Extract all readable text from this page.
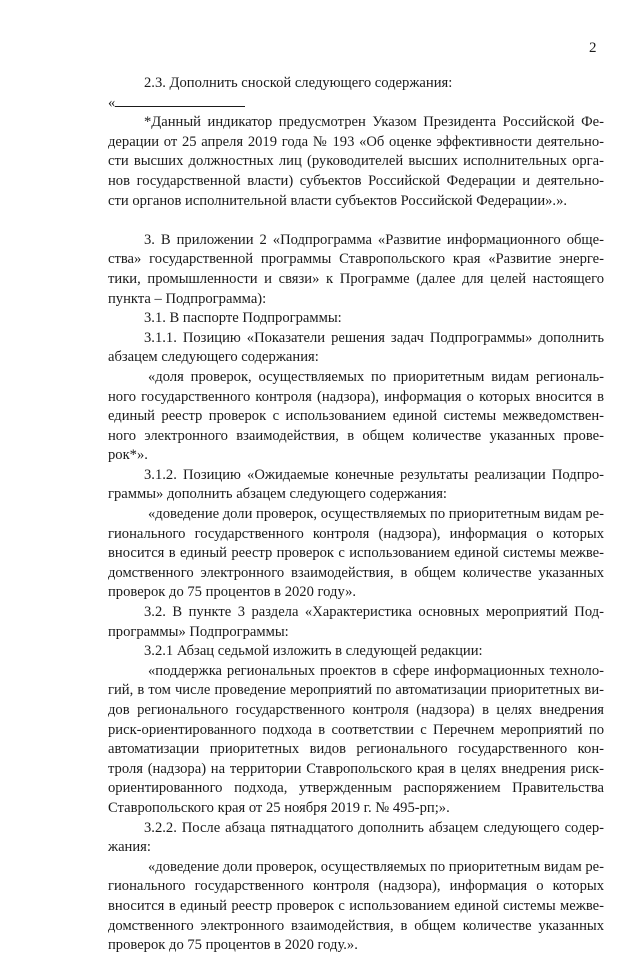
2
2.3. Дополнить сноской следующего содержания:
«
*Данный индикатор предусмотрен Указом Президента Российской Фе-
дерации от 25 апреля 2019 года № 193 «Об оценке эффективности деятельно-
сти высших должностных лиц (руководителей высших исполнительных орга-
нов государственной власти) субъектов Российской Федерации и деятельно-
сти органов исполнительной власти субъектов Российской Федерации».».
3. В приложении 2 «Подпрограмма «Развитие информационного обще-
ства» государственной программы Ставропольского края «Развитие энерге-
тики, промышленности и связи» к Программе (далее для целей настоящего
пункта – Подпрограмма):
3.1. В паспорте Подпрограммы:
3.1.1. Позицию «Показатели решения задач Подпрограммы» дополнить
абзацем следующего содержания:
«доля проверок, осуществляемых по приоритетным видам региональ-
ного государственного контроля (надзора), информация о которых вносится в
единый реестр проверок с использованием единой системы межведомствен-
ного электронного взаимодействия, в общем количестве указанных прове-
рок*».
3.1.2. Позицию «Ожидаемые конечные результаты реализации Подпро-
граммы» дополнить абзацем следующего содержания:
«доведение доли проверок, осуществляемых по приоритетным видам ре-
гионального государственного контроля (надзора), информация о которых
вносится в единый реестр проверок с использованием единой системы межве-
домственного электронного взаимодействия, в общем количестве указанных
проверок до 75 процентов в 2020 году».
3.2. В пункте 3 раздела «Характеристика основных мероприятий Под-
программы» Подпрограммы:
3.2.1 Абзац седьмой изложить в следующей редакции:
«поддержка региональных проектов в сфере информационных техноло-
гий, в том числе проведение мероприятий по автоматизации приоритетных ви-
дов регионального государственного контроля (надзора) в целях внедрения
риск-ориентированного подхода в соответствии с Перечнем мероприятий по
автоматизации приоритетных видов регионального государственного кон-
троля (надзора) на территории Ставропольского края в целях внедрения риск-
ориентированного подхода, утвержденным распоряжением Правительства
Ставропольского края от 25 ноября 2019 г. № 495-рп;».
3.2.2. После абзаца пятнадцатого дополнить абзацем следующего содер-
жания:
«доведение доли проверок, осуществляемых по приоритетным видам ре-
гионального государственного контроля (надзора), информация о которых
вносится в единый реестр проверок с использованием единой системы межве-
домственного электронного взаимодействия, в общем количестве указанных
проверок до 75 процентов в 2020 году.».
